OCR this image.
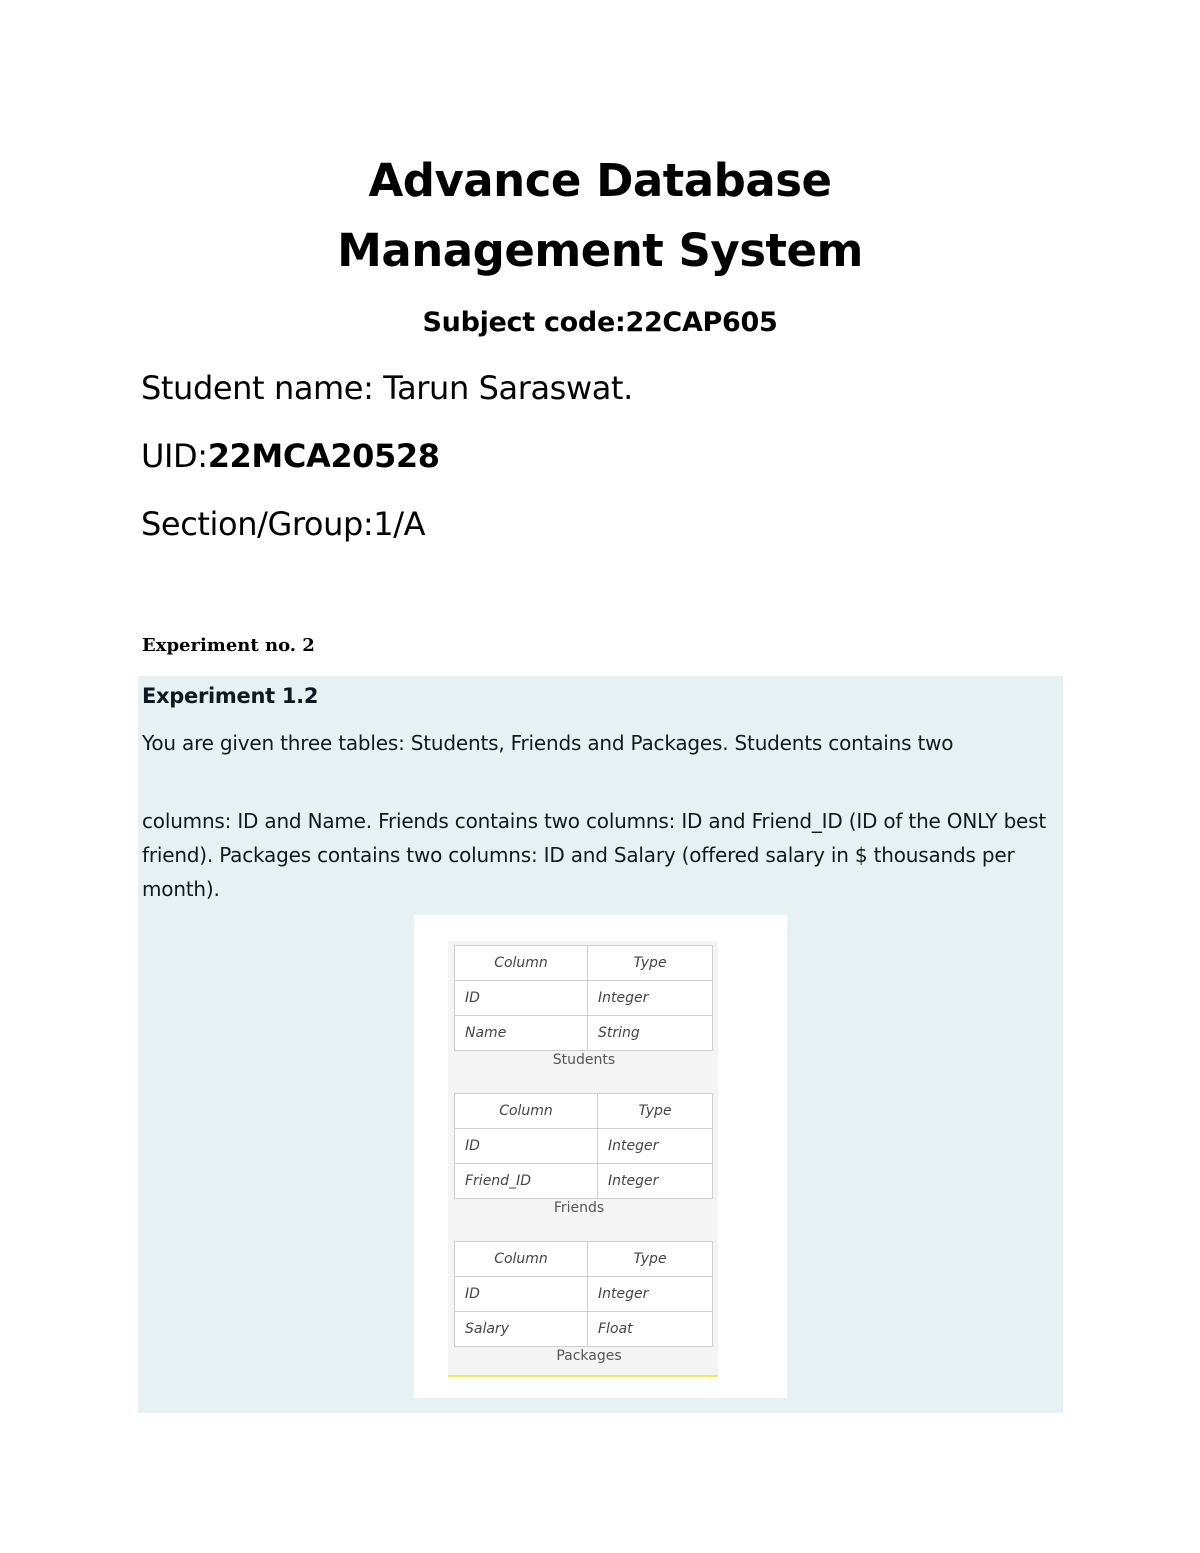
Advance Database Management System
Subject code:22CAP605
Student name: Tarun Saraswat.
UID:22MCA20528
Section/Group:1/A
Experiment no. 2
Experiment 1.2
You are given three tables: Students, Friends and Packages. Students contains two
columns: ID and Name. Friends contains two columns: ID and Friend_ID (ID of the ONLY best friend). Packages contains two columns: ID and Salary (offered salary in $ thousands per month).
Column	Type
ID	Integer
Name	String
Students
Column	Type
ID	Integer
Friend_ID	Integer
Friends
Column	Type
ID	Integer
Salary	Float
Packages
